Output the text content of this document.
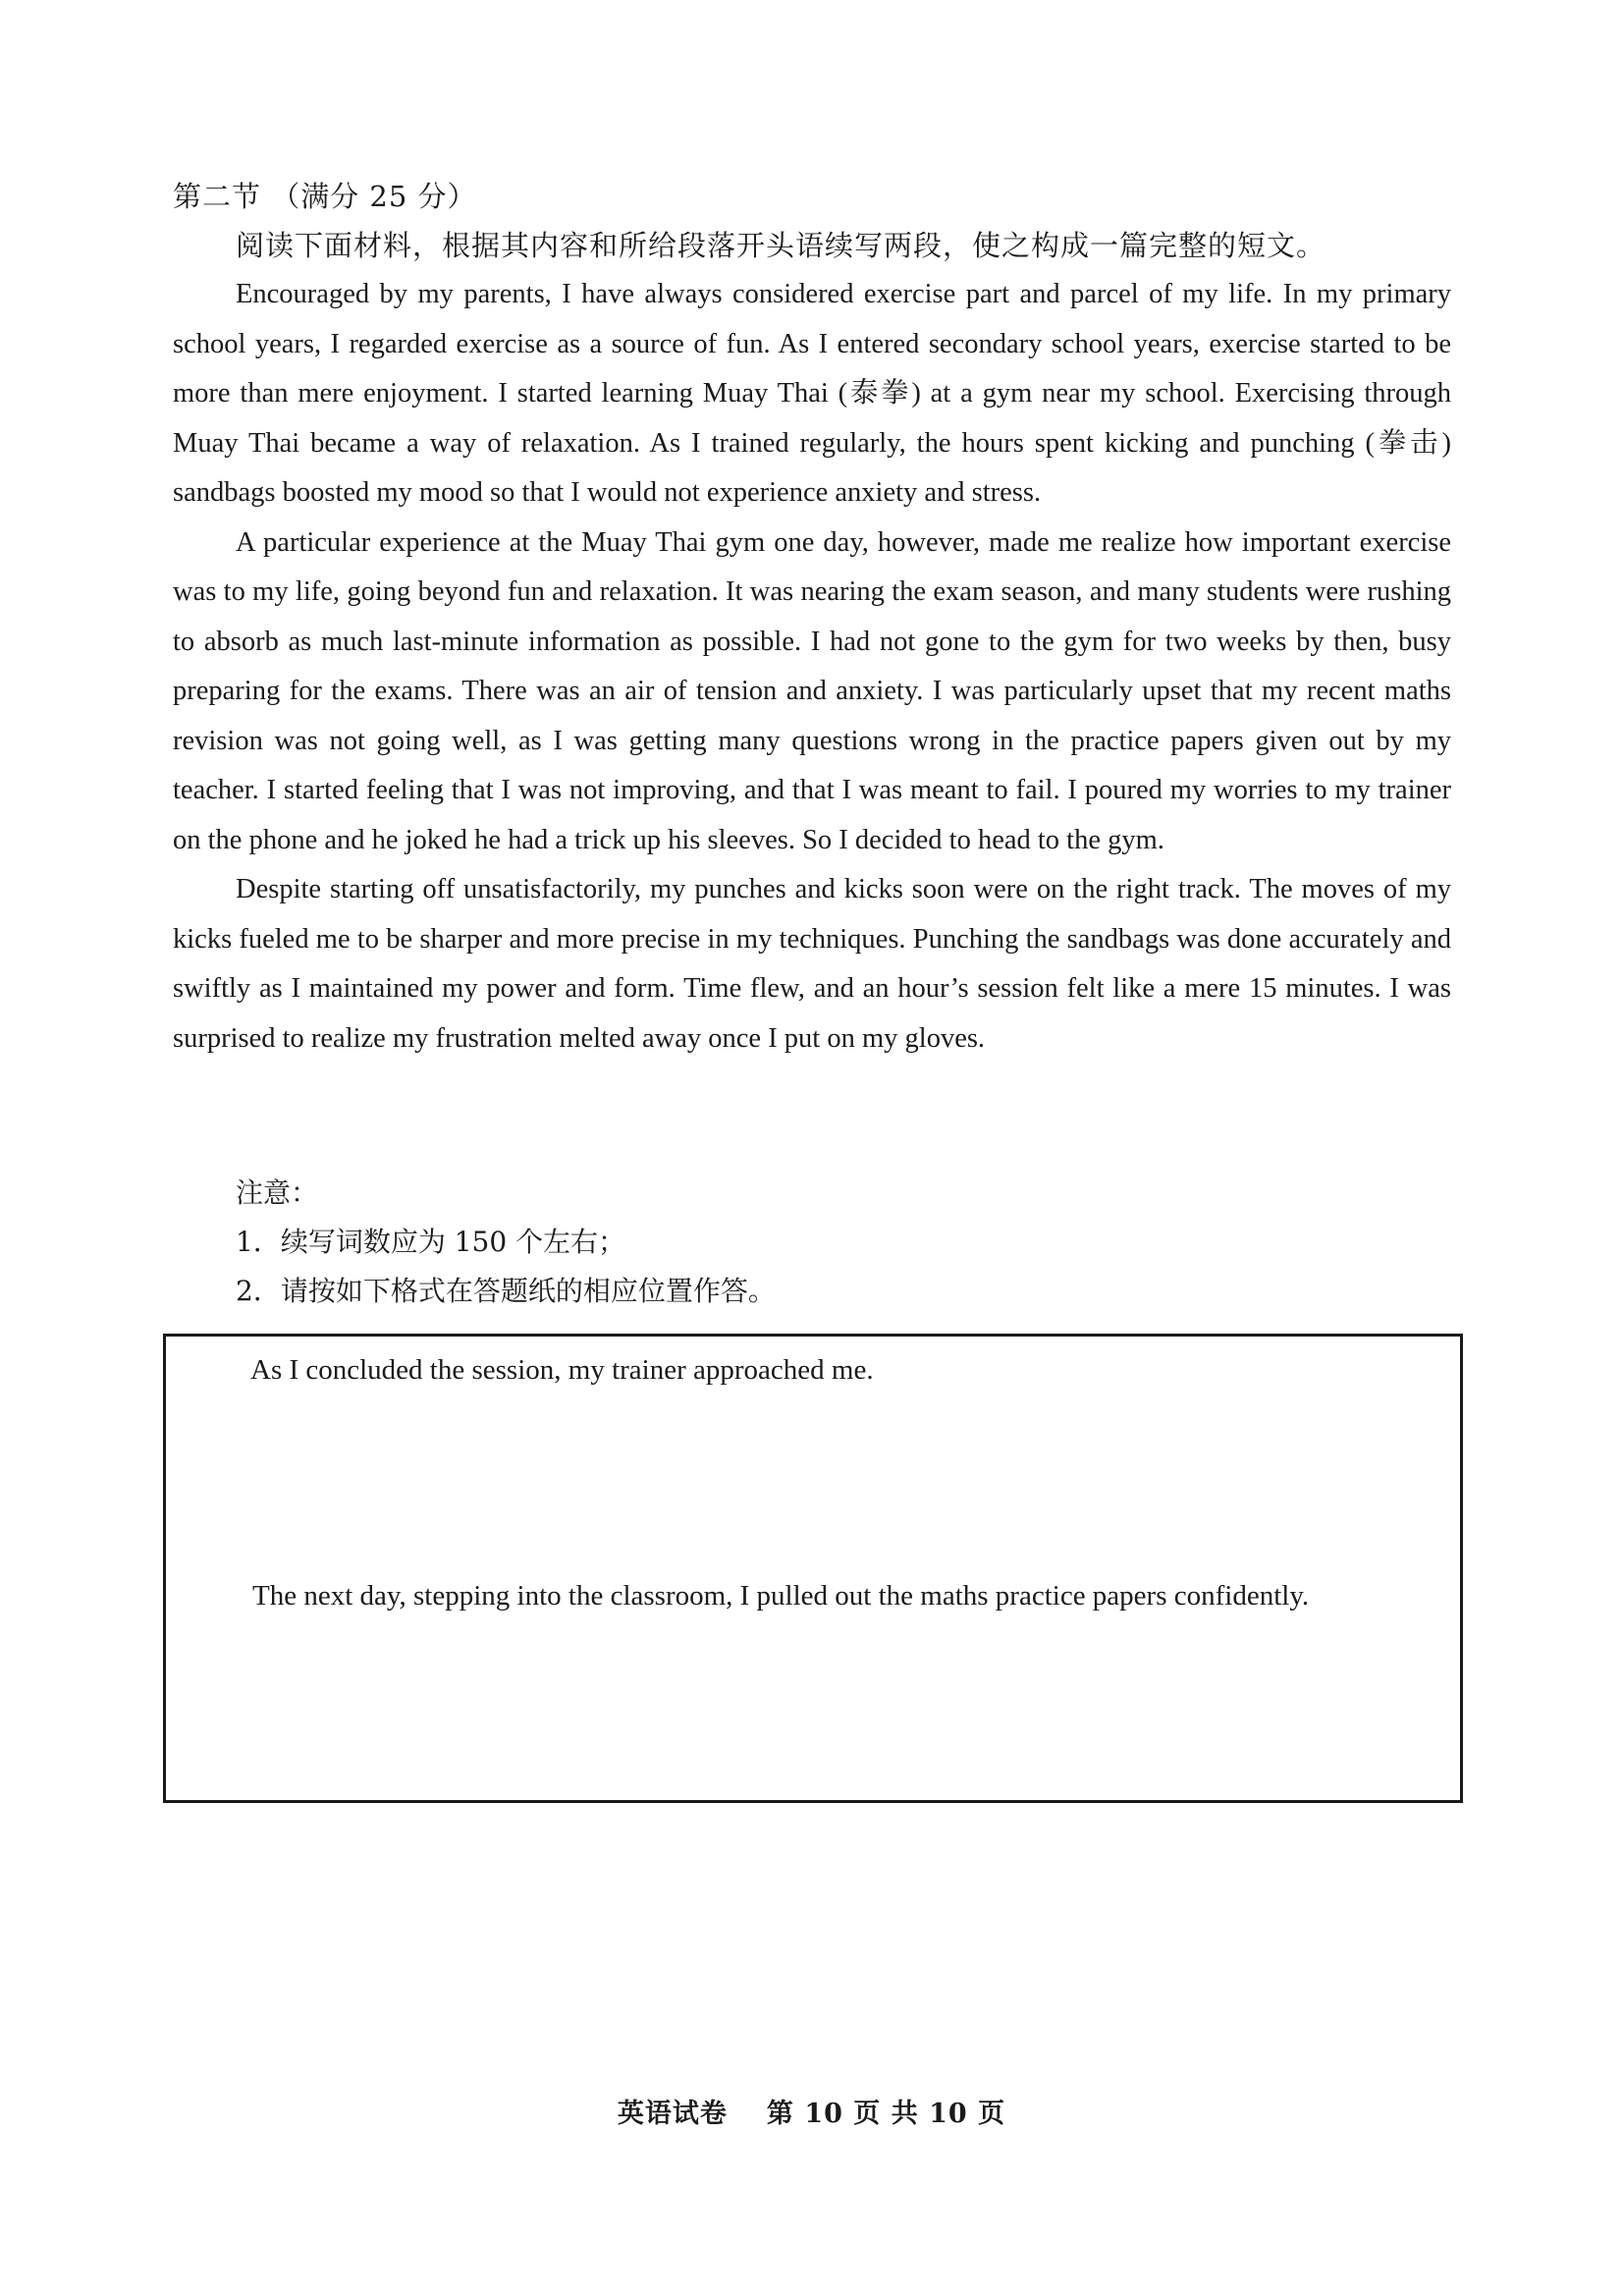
第二节 （满分 25 分）
阅读下面材料，根据其内容和所给段落开头语续写两段，使之构成一篇完整的短文。

Encouraged by my parents, I have always considered exercise part and parcel of my life. In my primary school years, I regarded exercise as a source of fun. As I entered secondary school years, exercise started to be more than mere enjoyment. I started learning Muay Thai (泰拳) at a gym near my school. Exercising through Muay Thai became a way of relaxation. As I trained regularly, the hours spent kicking and punching (拳击) sandbags boosted my mood so that I would not experience anxiety and stress.

A particular experience at the Muay Thai gym one day, however, made me realize how important exercise was to my life, going beyond fun and relaxation. It was nearing the exam season, and many students were rushing to absorb as much last-minute information as possible. I had not gone to the gym for two weeks by then, busy preparing for the exams. There was an air of tension and anxiety. I was particularly upset that my recent maths revision was not going well, as I was getting many questions wrong in the practice papers given out by my teacher. I started feeling that I was not improving, and that I was meant to fail. I poured my worries to my trainer on the phone and he joked he had a trick up his sleeves. So I decided to head to the gym.

Despite starting off unsatisfactorily, my punches and kicks soon were on the right track. The moves of my kicks fueled me to be sharper and more precise in my techniques. Punching the sandbags was done accurately and swiftly as I maintained my power and form. Time flew, and an hour’s session felt like a mere 15 minutes. I was surprised to realize my frustration melted away once I put on my gloves.

注意：
1．续写词数应为 150 个左右；
2．请按如下格式在答题纸的相应位置作答。
As I concluded the session, my trainer approached me.
The next day, stepping into the classroom, I pulled out the maths practice papers confidently.
英语试卷 第 10 页 共 10 页
